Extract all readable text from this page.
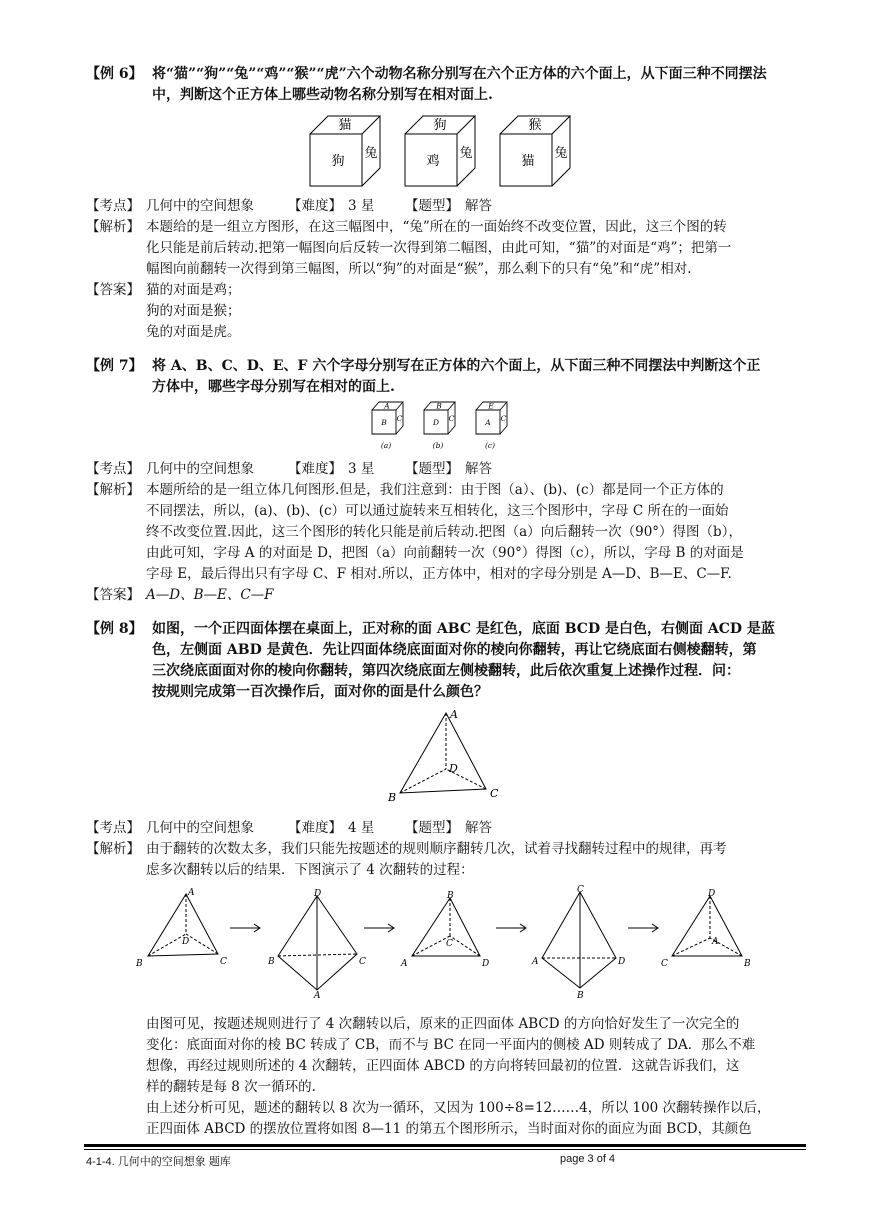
【例 6】 将“猫”“狗”“兔”“鸡”“猴”“虎”六个动物名称分别写在六个正方体的六个面上，从下面三种不同摆法
中，判断这个正方体上哪些动物名称分别写在相对面上.
猫
狗
兔
狗
鸡
兔
猴
猫
兔
【考点】 几何中的空间想象	【难度】 3 星 【题型】 解答
【解析】 本题给的是一组立方图形，在这三幅图中，“兔”所在的一面始终不改变位置，因此，这三个图的转
化只能是前后转动.把第一幅图向后反转一次得到第二幅图，由此可知，“猫”的对面是“鸡”；把第一
幅图向前翻转一次得到第三幅图，所以“狗”的对面是“猴”，那么剩下的只有“兔”和“虎”相对.
【答案】 猫的对面是鸡；
狗的对面是猴；
兔的对面是虎。
【例 7】 将 A、B、C、D、E、F 六个字母分别写在正方体的六个面上，从下面三种不同摆法中判断这个正
方体中，哪些字母分别写在相对的面上.
A
B C
B
D C
E
A C
(a)	(b)	(c)
【考点】 几何中的空间想象	【难度】 3 星 【题型】 解答
【解析】 本题所给的是一组立体几何图形.但是，我们注意到：由于图（a）、(b)、(c）都是同一个正方体的
不同摆法，所以，(a)、(b)、(c）可以通过旋转来互相转化，这三个图形中，字母 C 所在的一面始
终不改变位置.因此，这三个图形的转化只能是前后转动.把图（a）向后翻转一次（90°）得图（b），
由此可知，字母 A 的对面是 D，把图（a）向前翻转一次（90°）得图（c），所以，字母 B 的对面是
字母 E，最后得出只有字母 C、F 相对.所以，正方体中，相对的字母分别是 A—D、B—E、C—F.
【答案】 A—D、B—E、C—F
【例 8】 如图，一个正四面体摆在桌面上，正对称的面 ABC 是红色，底面 BCD 是白色，右侧面 ACD 是蓝
色，左侧面 ABD 是黄色．先让四面体绕底面面对你的棱向你翻转，再让它绕底面右侧棱翻转，第
三次绕底面面对你的棱向你翻转，第四次绕底面左侧棱翻转，此后依次重复上述操作过程．问：
按规则完成第一百次操作后，面对你的面是什么颜色？
A
B	C
D
【考点】 几何中的空间想象	【难度】 4 星 【题型】 解答
【解析】 由于翻转的次数太多，我们只能先按题述的规则顺序翻转几次，试着寻找翻转过程中的规律，再考
虑多次翻转以后的结果．下图演示了 4 次翻转的过程：
A
B	C
D
D
B	C
A
B
A	D
C
C
A	D
B
D
C	B
A
由图可见，按题述规则进行了 4 次翻转以后，原来的正四面体 ABCD 的方向恰好发生了一次完全的
变化：底面面对你的棱 BC 转成了 CB，而不与 BC 在同一平面内的侧棱 AD 则转成了 DA．那么不难
想像，再经过规则所述的 4 次翻转，正四面体 ABCD 的方向将转回最初的位置．这就告诉我们，这
样的翻转是每 8 次一循环的.
由上述分析可见，题述的翻转以 8 次为一循环，又因为 100÷8=12……4，所以 100 次翻转操作以后，
正四面体 ABCD 的摆放位置将如图 8—11 的第五个图形所示，当时面对你的面应为面 BCD，其颜色
4-1-4. 几何中的空间想象 题库	page 3 of 4
